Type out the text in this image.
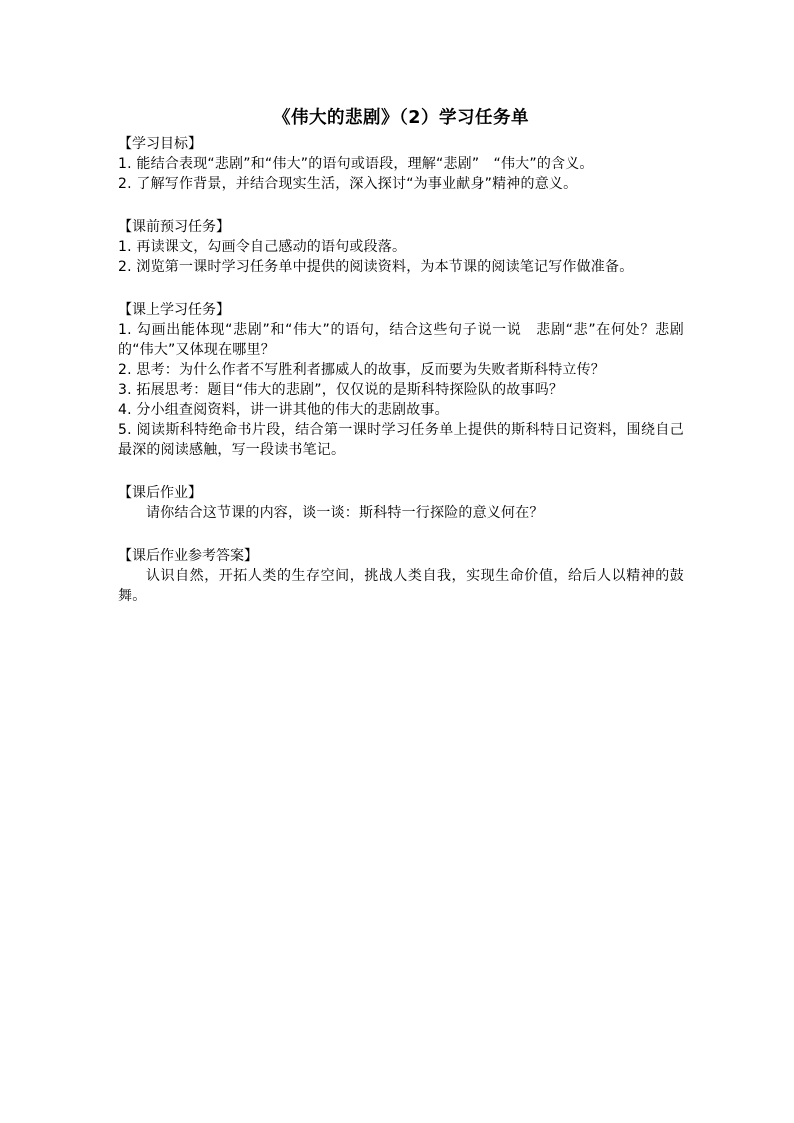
《伟大的悲剧》（2）学习任务单

【学习目标】

1. 能结合表现“悲剧”和“伟大”的语句或语段，理解“悲剧”　“伟大”的含义。

2. 了解写作背景，并结合现实生活，深入探讨“为事业献身”精神的意义。

【课前预习任务】

1. 再读课文，勾画令自己感动的语句或段落。

2. 浏览第一课时学习任务单中提供的阅读资料，为本节课的阅读笔记写作做准备。

【课上学习任务】

1. 勾画出能体现“悲剧”和“伟大”的语句，结合这些句子说一说　悲剧“悲”在何处？悲剧的“伟大”又体现在哪里？

2. 思考：为什么作者不写胜利者挪威人的故事，反而要为失败者斯科特立传？

3. 拓展思考：题目“伟大的悲剧”，仅仅说的是斯科特探险队的故事吗？

4. 分小组查阅资料，讲一讲其他的伟大的悲剧故事。

5. 阅读斯科特绝命书片段，结合第一课时学习任务单上提供的斯科特日记资料，围绕自己最深的阅读感触，写一段读书笔记。

【课后作业】

请你结合这节课的内容，谈一谈：斯科特一行探险的意义何在？

【课后作业参考答案】

认识自然，开拓人类的生存空间，挑战人类自我，实现生命价值，给后人以精神的鼓舞。
